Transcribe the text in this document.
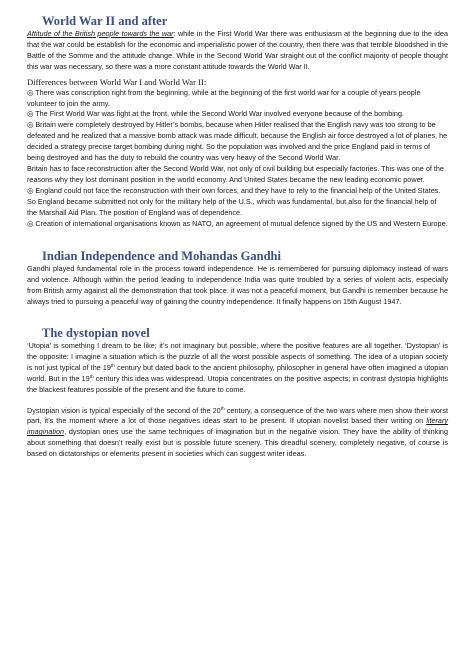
World War II and after

Attitude of the British people towards the war: while in the First World War there was enthusiasm at the beginning due to the idea that the war could be establish for the economic and imperialistic power of the country, then there was that terrible bloodshed in the Battle of the Somme and the attitude change. While in the Second World War straight out of the conflict majority of people thought this war was necessary, so there was a more constant attitude towards the World War II.

Differences between World War I and World War II:

◎ There was conscription right from the beginning, while at the beginning of the first world war for a couple of years people volunteer to join the army.

◎ The First World War was fight at the front, while the Second World War involved everyone because of the bombing.

◎ Britain were completely destroyed by Hitler’s bombs, because when Hitler realised that the English navy was too strong to be defeated and he realized that a massive bomb attack was made difficult, because the English air force destroyed a lot of planes, he decided a strategy precise target bombing during night. So the population was involved and the price England paid in terms of being destroyed and has the duty to rebuild the country was very heavy of the Second World War.

Britain has to face reconstruction after the Second World War, not only of civil building but especially factories. This was one of the reasons why they lost dominant position in the world economy. And United States became the new leading economic power.

◎ England could not face the reconstruction with their own forces, and they have to rely to the financial help of the United States. So England became submitted not only for the military help of the U.S., which was fundamental, but also for the financial help of the Marshall Aid Plan. The position of England was of dependence.

◎ Creation of international organisations known as NATO, an agreement of mutual defence signed by the US and Western Europe.

Indian Independence and Mohandas Gandhi

Gandhi played fundamental role in the process toward independence. He is remembered for pursuing diplomacy instead of wars and violence. Although within the period leading to independence India was quite troubled by a series of violent acts, especially from British army against all the demonstration that took place. it was not a peaceful moment, but Gandhi is remember because he always tried to pursuing a peaceful way of gaining the country independence. It finally happens on 15th August 1947.

The dystopian novel

‘Utopia’ is something I dream to be like; it’s not imaginary but possible, where the positive features are all together. ‘Dystopian’ is the opposite: I imagine a situation which is the puzzle of all the worst possible aspects of something. The idea of a utopian society is not just typical of the 19th century but dated back to the ancient philosophy, philosopher in general have often imagined a utopian world. But in the 19th century this idea was widespread. Utopia concentrates on the positive aspects; in contrast dystopia highlights the blackest features possible of the present and the future to come.

Dystopian vision is typical especially of the second of the 20th century, a consequence of the two wars where men show their worst part, it’s the moment where a lot of those negatives ideas start to be present. If utopian novelist based their writing on literary imagination, dystopian ones use the same techniques of imagination but in the negative vision. They have the ability of thinking about something that doesn’t really exist but is possible future scenery. This dreadful scenery, completely negative, of course is based on dictatorships or elements present in societies which can suggest writer ideas.
